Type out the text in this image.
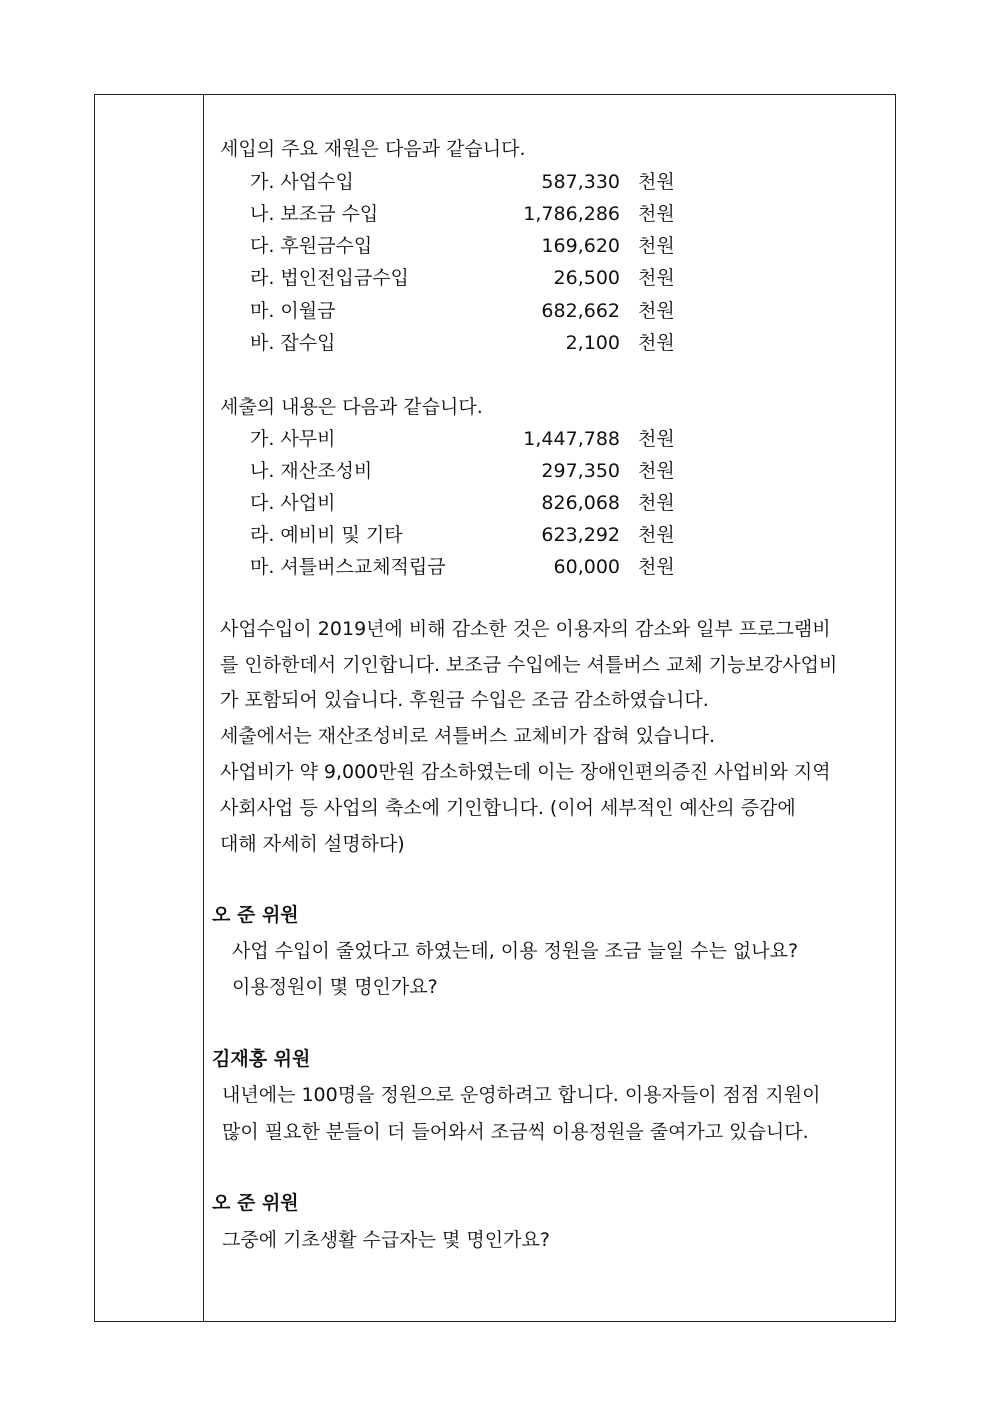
세입의 주요 재원은 다음과 같습니다.
가. 사업수입	587,330 천원
나. 보조금 수입	1,786,286 천원
다. 후원금수입	169,620 천원
라. 법인전입금수입	26,500 천원
마. 이월금	682,662 천원
바. 잡수입	2,100 천원
세출의 내용은 다음과 같습니다.
가. 사무비	1,447,788 천원
나. 재산조성비	297,350 천원
다. 사업비	826,068 천원
라. 예비비 및 기타	623,292 천원
마. 셔틀버스교체적립금	60,000 천원
사업수입이 2019년에 비해 감소한 것은 이용자의 감소와 일부 프로그램비
를 인하한데서 기인합니다. 보조금 수입에는 셔틀버스 교체 기능보강사업비
가 포함되어 있습니다. 후원금 수입은 조금 감소하였습니다.
세출에서는 재산조성비로 셔틀버스 교체비가 잡혀 있습니다.
사업비가 약 9,000만원 감소하였는데 이는 장애인편의증진 사업비와 지역
사회사업 등 사업의 축소에 기인합니다. (이어 세부적인 예산의 증감에
대해 자세히 설명하다)
오 준 위원
사업 수입이 줄었다고 하였는데, 이용 정원을 조금 늘일 수는 없나요?
이용정원이 몇 명인가요?
김재홍 위원
내년에는 100명을 정원으로 운영하려고 합니다. 이용자들이 점점 지원이
많이 필요한 분들이 더 들어와서 조금씩 이용정원을 줄여가고 있습니다.
오 준 위원
그중에 기초생활 수급자는 몇 명인가요?
